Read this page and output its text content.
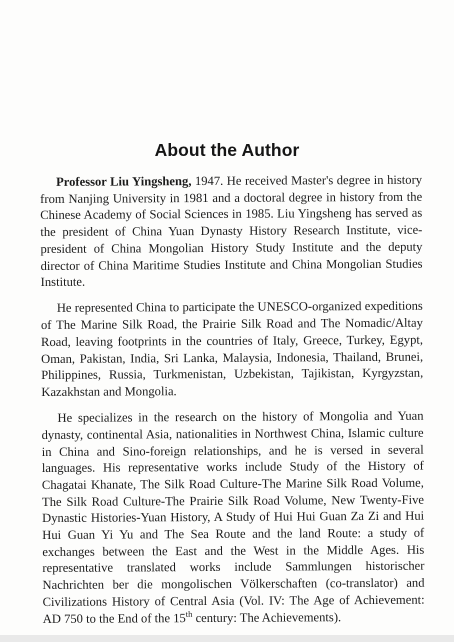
About the Author

Professor Liu Yingsheng, 1947. He received Master's degree in history from Nanjing University in 1981 and a doctoral degree in history from the Chinese Academy of Social Sciences in 1985. Liu Yingsheng has served as the president of China Yuan Dynasty History Research Institute, vice-president of China Mongolian History Study Institute and the deputy director of China Maritime Studies Institute and China Mongolian Studies Institute.

He represented China to participate the UNESCO-organized expeditions of The Marine Silk Road, the Prairie Silk Road and The Nomadic/Altay Road, leaving footprints in the countries of Italy, Greece, Turkey, Egypt, Oman, Pakistan, India, Sri Lanka, Malaysia, Indonesia, Thailand, Brunei, Philippines, Russia, Turkmenistan, Uzbekistan, Tajikistan, Kyrgyzstan, Kazakhstan and Mongolia.

He specializes in the research on the history of Mongolia and Yuan dynasty, continental Asia, nationalities in Northwest China, Islamic culture in China and Sino-foreign relationships, and he is versed in several languages. His representative works include Study of the History of Chagatai Khanate, The Silk Road Culture-The Marine Silk Road Volume, The Silk Road Culture-The Prairie Silk Road Volume, New Twenty-Five Dynastic Histories-Yuan History, A Study of Hui Hui Guan Za Zi and Hui Hui Guan Yi Yu and The Sea Route and the land Route: a study of exchanges between the East and the West in the Middle Ages. His representative translated works include Sammlungen historischer Nachrichten ber die mongolischen Völkerschaften (co-translator) and Civilizations History of Central Asia (Vol. IV: The Age of Achievement: AD 750 to the End of the 15th century: The Achievements).
